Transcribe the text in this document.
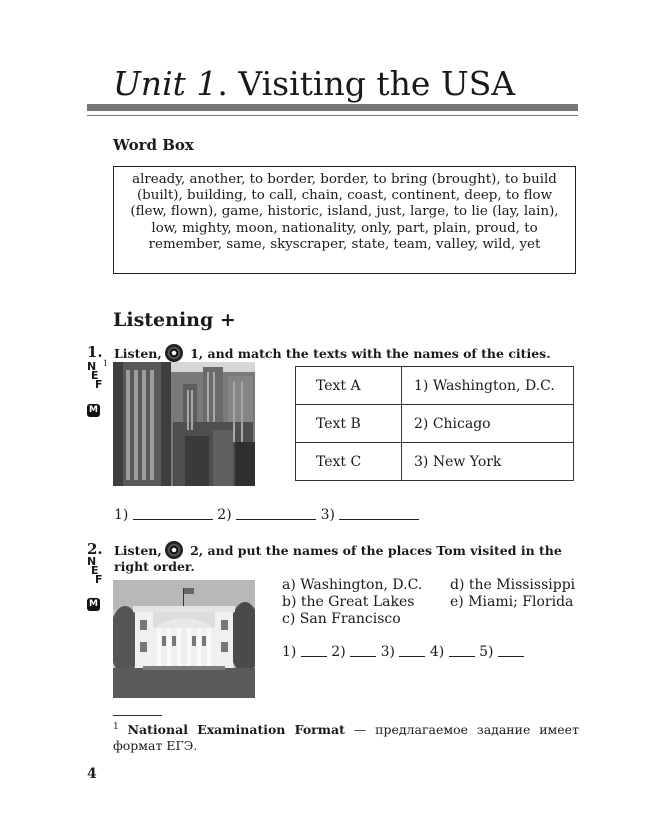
Unit 1. Visiting the USA
Word Box
already, another, to border, border, to bring (brought), to build (built), building, to call, chain, coast, continent, deep, to flow (flew, flown), game, historic, island, just, large, to lie (lay, lain), low, mighty, moon, nationality, only, part, plain, proud, to remember, same, skyscraper, state, team, valley, wild, yet
Listening +
1. Listen, 1, and match the texts with the names of the cities.
N
E
F
1
M
Text A	1) Washington, D.C.
Text B	2) Chicago
Text C	3) New York
1)	2)	3)
2. Listen, 2, and put the names of the places Tom visited in the right order.
N
E
F
M
a) Washington, D.C. d) the Mississippi
b) the Great Lakes	e) Miami; Florida
c) San Francisco
1) 2) 3) 4) 5)
$^1$ National Examination Format — предлагаемое задание имеет формат ЕГЭ.
4
